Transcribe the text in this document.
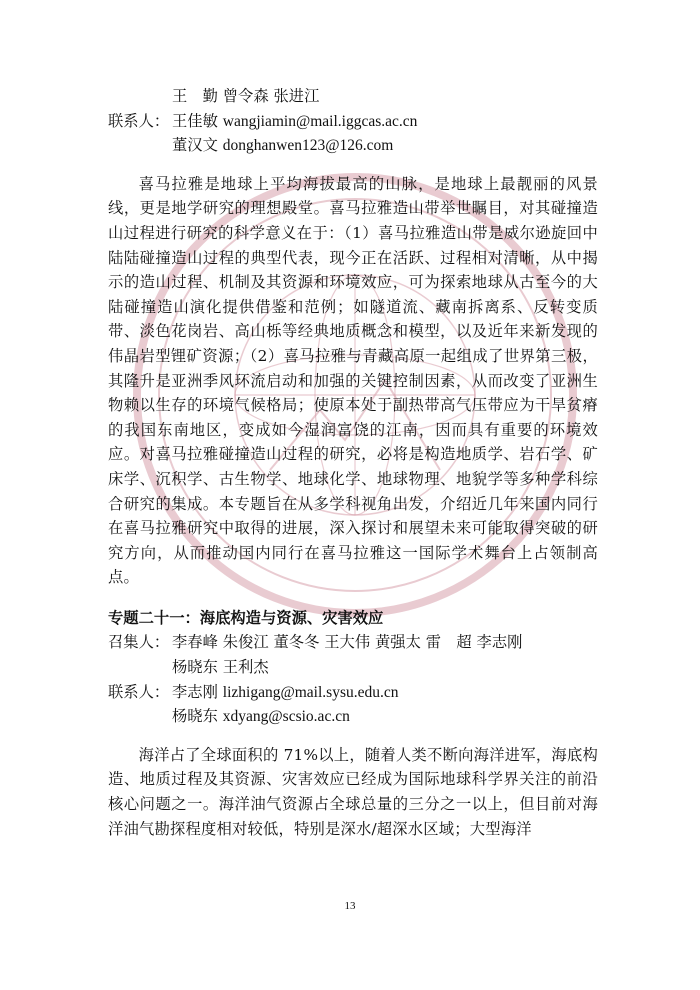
王　勤 曾令森 张进江
联系人： 王佳敏 wangjiamin@mail.iggcas.ac.cn
董汉文 donghanwen123@126.com

喜马拉雅是地球上平均海拔最高的山脉，是地球上最靓丽的风景线，更是地学研究的理想殿堂。喜马拉雅造山带举世瞩目，对其碰撞造山过程进行研究的科学意义在于：（1）喜马拉雅造山带是威尔逊旋回中陆陆碰撞造山过程的典型代表，现今正在活跃、过程相对清晰，从中揭示的造山过程、机制及其资源和环境效应，可为探索地球从古至今的大陆碰撞造山演化提供借鉴和范例；如隧道流、藏南拆离系、反转变质带、淡色花岗岩、高山栎等经典地质概念和模型，以及近年来新发现的伟晶岩型锂矿资源；（2）喜马拉雅与青藏高原一起组成了世界第三极，其隆升是亚洲季风环流启动和加强的关键控制因素，从而改变了亚洲生物赖以生存的环境气候格局；使原本处于副热带高气压带应为干旱贫瘠的我国东南地区，变成如今湿润富饶的江南，因而具有重要的环境效应。对喜马拉雅碰撞造山过程的研究，必将是构造地质学、岩石学、矿床学、沉积学、古生物学、地球化学、地球物理、地貌学等多种学科综合研究的集成。本专题旨在从多学科视角出发，介绍近几年来国内同行在喜马拉雅研究中取得的进展，深入探讨和展望未来可能取得突破的研究方向，从而推动国内同行在喜马拉雅这一国际学术舞台上占领制高点。

专题二十一：海底构造与资源、灾害效应
召集人： 李春峰 朱俊江 董冬冬 王大伟 黄强太 雷　超 李志刚
杨晓东 王利杰
联系人： 李志刚 lizhigang@mail.sysu.edu.cn
杨晓东 xdyang@scsio.ac.cn

海洋占了全球面积的 71%以上，随着人类不断向海洋进军，海底构造、地质过程及其资源、灾害效应已经成为国际地球科学界关注的前沿核心问题之一。海洋油气资源占全球总量的三分之一以上，但目前对海洋油气勘探程度相对较低，特别是深水/超深水区域；大型海洋

13
